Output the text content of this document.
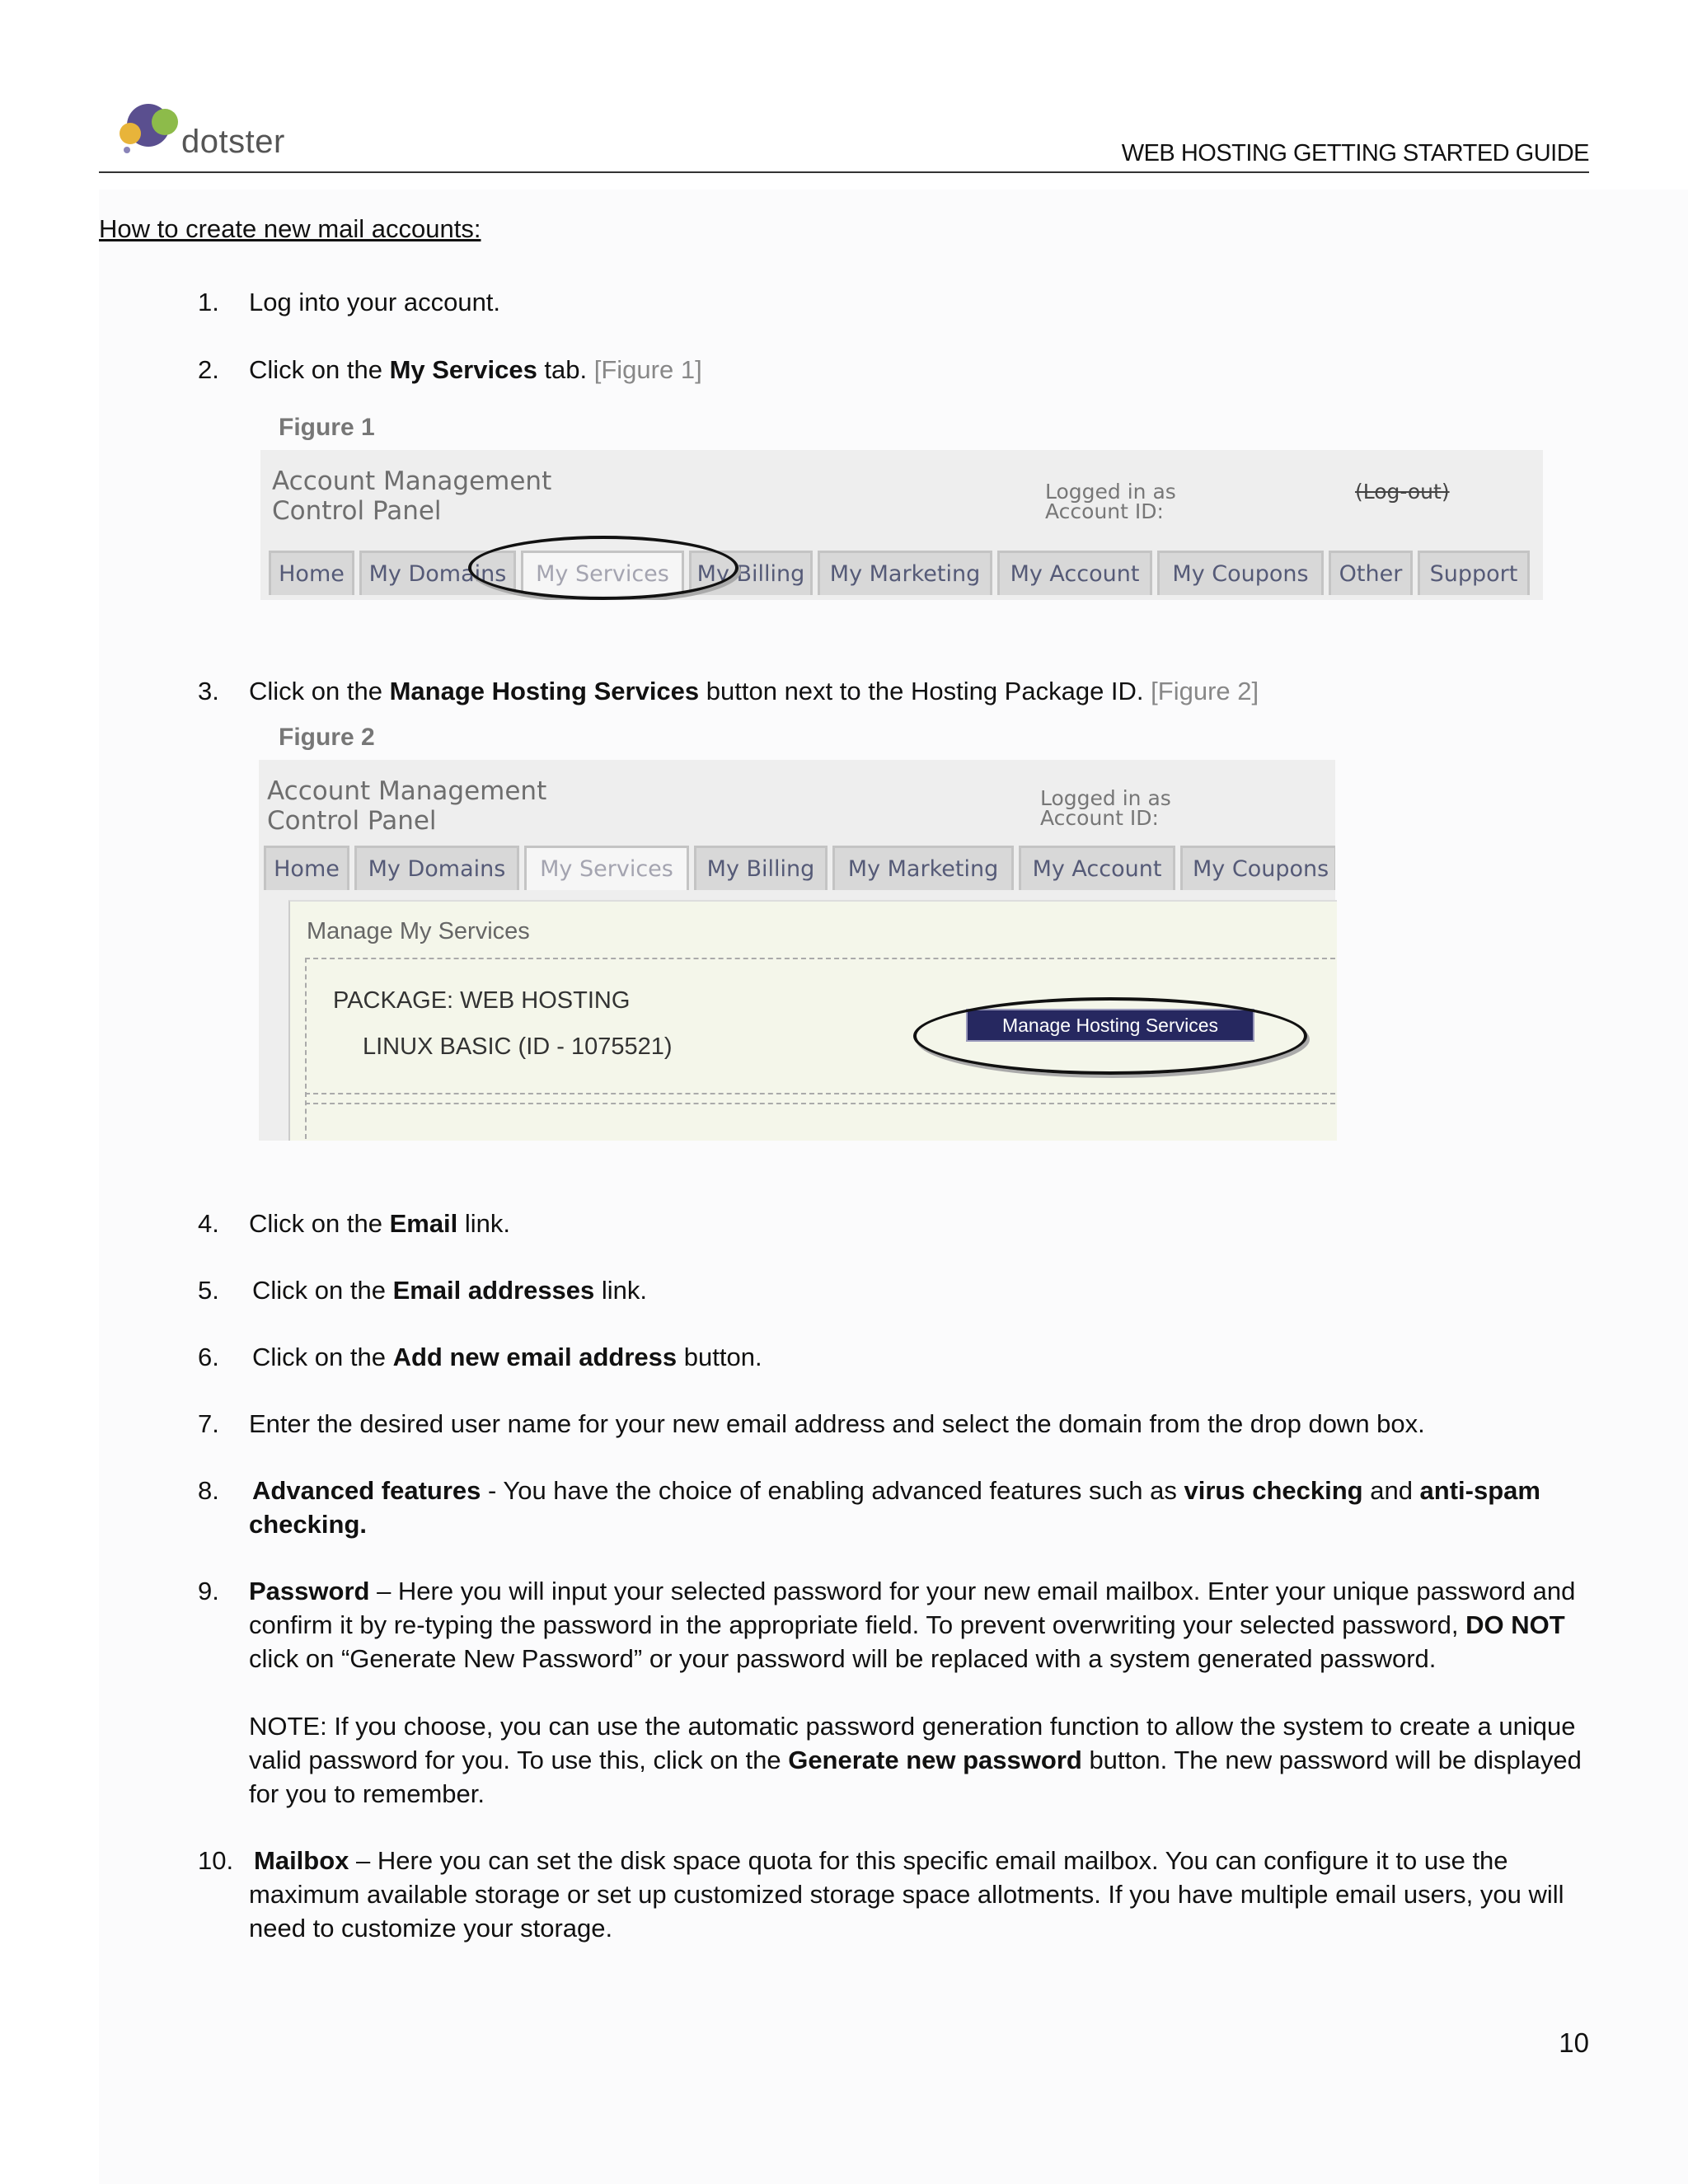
dotster	WEB HOSTING GETTING STARTED GUIDE
How to create new mail accounts:
1.	Log into your account.
2.	Click on the My Services tab. [Figure 1]
Figure 1
Account Management
Control Panel
Logged in as
Account ID:
(Log-out)
Home	My Domains	My Services	My Billing	My Marketing	My Account	My Coupons	Other	Support
3.	Click on the Manage Hosting Services button next to the Hosting Package ID. [Figure 2]
Figure 2
Account Management
Control Panel
Logged in as
Account ID:
Home	My Domains	My Services	My Billing	My Marketing	My Account	My Coupons
Manage My Services
PACKAGE: WEB HOSTING
LINUX BASIC (ID - 1075521)
Manage Hosting Services
4.	Click on the Email link.
5.	Click on the Email addresses link.
6.	Click on the Add new email address button.
7.	Enter the desired user name for your new email address and select the domain from the drop down box.
8.	Advanced features - You have the choice of enabling advanced features such as virus checking and anti-spam checking.
9.	Password – Here you will input your selected password for your new email mailbox. Enter your unique password and confirm it by re-typing the password in the appropriate field. To prevent overwriting your selected password, DO NOT click on “Generate New Password” or your password will be replaced with a system generated password.
NOTE: If you choose, you can use the automatic password generation function to allow the system to create a unique valid password for you. To use this, click on the Generate new password button. The new password will be displayed for you to remember.
10. Mailbox – Here you can set the disk space quota for this specific email mailbox. You can configure it to use the maximum available storage or set up customized storage space allotments. If you have multiple email users, you will need to customize your storage.
10
